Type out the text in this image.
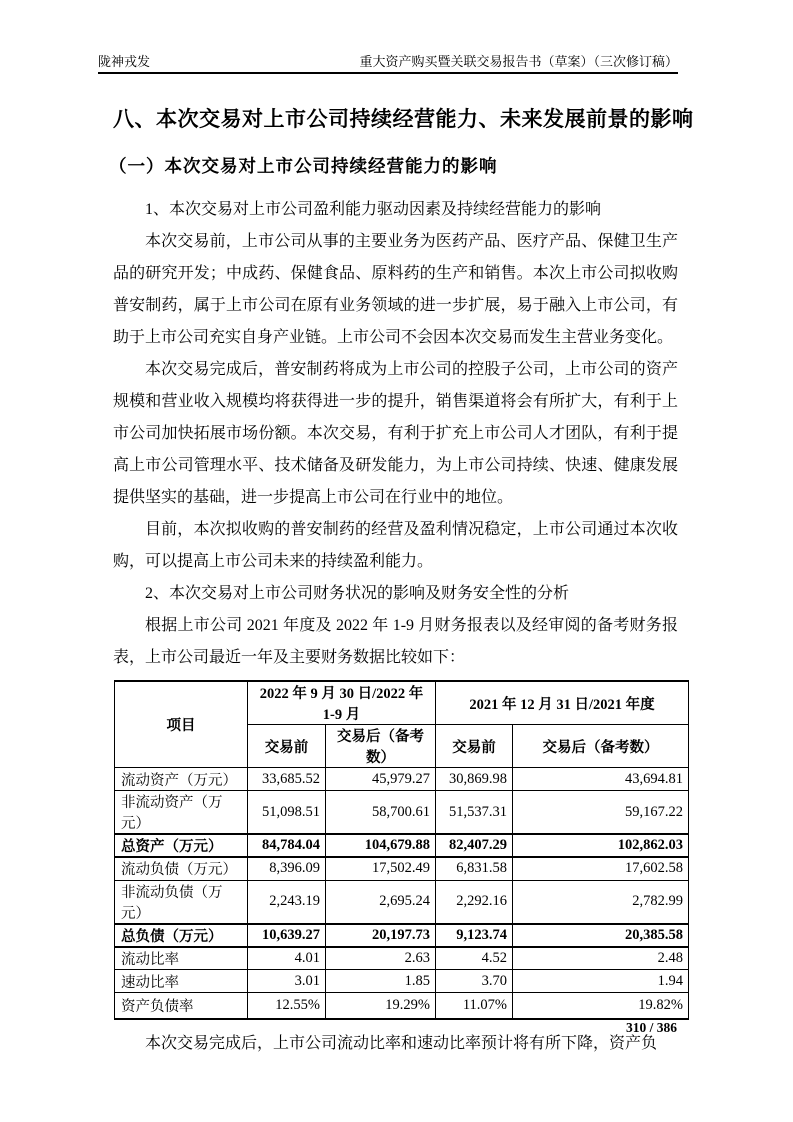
陇神戎发	重大资产购买暨关联交易报告书（草案）（三次修订稿）
八、本次交易对上市公司持续经营能力、未来发展前景的影响
（一）本次交易对上市公司持续经营能力的影响

1、本次交易对上市公司盈利能力驱动因素及持续经营能力的影响

本次交易前，上市公司从事的主要业务为医药产品、医疗产品、保健卫生产品的研究开发；中成药、保健食品、原料药的生产和销售。本次上市公司拟收购普安制药，属于上市公司在原有业务领域的进一步扩展，易于融入上市公司，有助于上市公司充实自身产业链。上市公司不会因本次交易而发生主营业务变化。

本次交易完成后，普安制药将成为上市公司的控股子公司，上市公司的资产规模和营业收入规模均将获得进一步的提升，销售渠道将会有所扩大，有利于上市公司加快拓展市场份额。本次交易，有利于扩充上市公司人才团队，有利于提高上市公司管理水平、技术储备及研发能力，为上市公司持续、快速、健康发展提供坚实的基础，进一步提高上市公司在行业中的地位。

目前，本次拟收购的普安制药的经营及盈利情况稳定，上市公司通过本次收购，可以提高上市公司未来的持续盈利能力。

2、本次交易对上市公司财务状况的影响及财务安全性的分析

根据上市公司 2021 年度及 2022 年 1-9 月财务报表以及经审阅的备考财务报表，上市公司最近一年及主要财务数据比较如下：

项目	2022 年 9 月 30 日/2022 年 1-9 月		2021 年 12 月 31 日/2021 年度	
	交易前	交易后（备考数）	交易前	交易后（备考数）
流动资产（万元）	33,685.52	45,979.27	30,869.98	43,694.81
非流动资产（万元）	51,098.51	58,700.61	51,537.31	59,167.22
总资产（万元）	84,784.04	104,679.88	82,407.29	102,862.03
流动负债（万元）	8,396.09	17,502.49	6,831.58	17,602.58
非流动负债（万元）	2,243.19	2,695.24	2,292.16	2,782.99
总负债（万元）	10,639.27	20,197.73	9,123.74	20,385.58
流动比率	4.01	2.63	4.52	2.48
速动比率	3.01	1.85	3.70	1.94
资产负债率	12.55%	19.29%	11.07%	19.82%

本次交易完成后，上市公司流动比率和速动比率预计将有所下降，资产负

310 / 386
